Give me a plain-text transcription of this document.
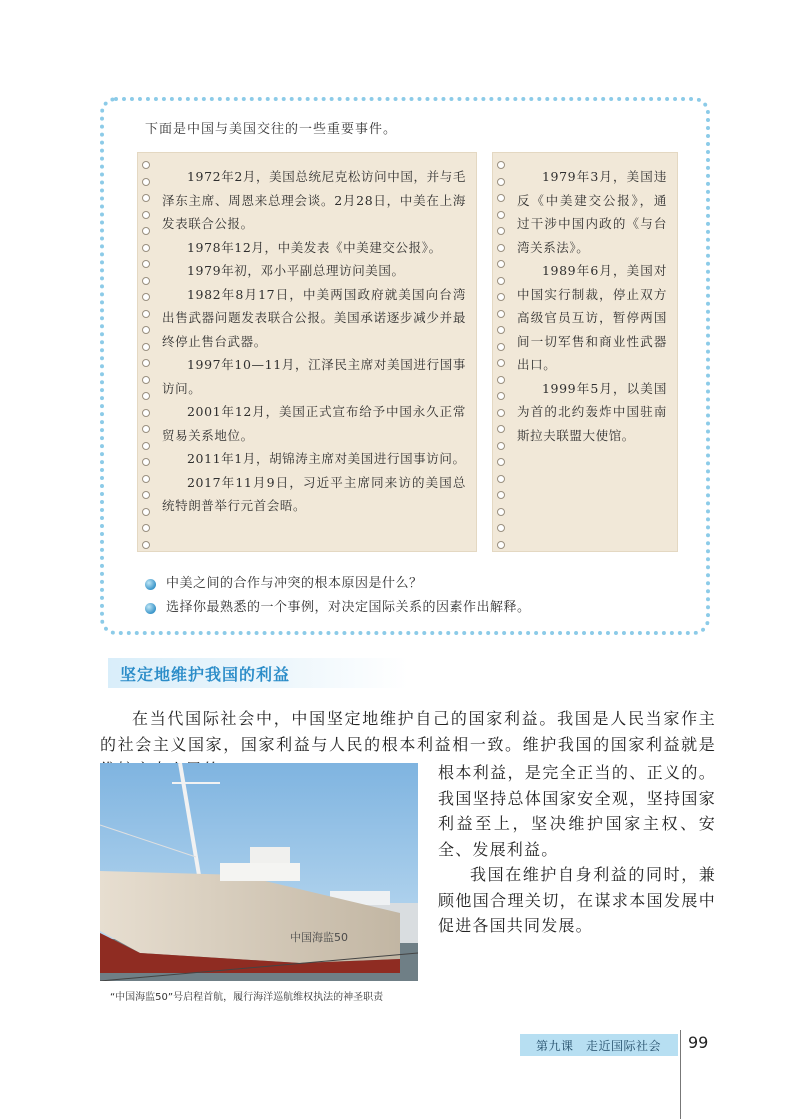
下面是中国与美国交往的一些重要事件。

1972年2月，美国总统尼克松访问中国，并与毛泽东主席、周恩来总理会谈。2月28日，中美在上海发表联合公报。

1978年12月，中美发表《中美建交公报》。

1979年初，邓小平副总理访问美国。

1982年8月17日，中美两国政府就美国向台湾出售武器问题发表联合公报。美国承诺逐步减少并最终停止售台武器。

1997年10—11月，江泽民主席对美国进行国事访问。

2001年12月，美国正式宣布给予中国永久正常贸易关系地位。

2011年1月，胡锦涛主席对美国进行国事访问。

2017年11月9日，习近平主席同来访的美国总统特朗普举行元首会晤。

1979年3月，美国违反《中美建交公报》，通过干涉中国内政的《与台湾关系法》。

1989年6月，美国对中国实行制裁，停止双方高级官员互访，暂停两国间一切军售和商业性武器出口。

1999年5月，以美国为首的北约轰炸中国驻南斯拉夫联盟大使馆。

中美之间的合作与冲突的根本原因是什么？
选择你最熟悉的一个事例，对决定国际关系的因素作出解释。
坚定地维护我国的利益

在当代国际社会中，中国坚定地维护自己的国家利益。我国是人民当家作主的社会主义国家，国家利益与人民的根本利益相一致。维护我国的国家利益就是

根本利益，是完全正当的、正义的。我国坚持总体国家安全观，坚持国家利益至上，坚决维护国家主权、安全、发展利益。

我国在维护自身利益的同时，兼顾他国合理关切，在谋求本国发展中促进各国共同发展。

中国海监50
“中国海监50”号启程首航，履行海洋巡航维权执法的神圣职责
第九课　走近国际社会 99
